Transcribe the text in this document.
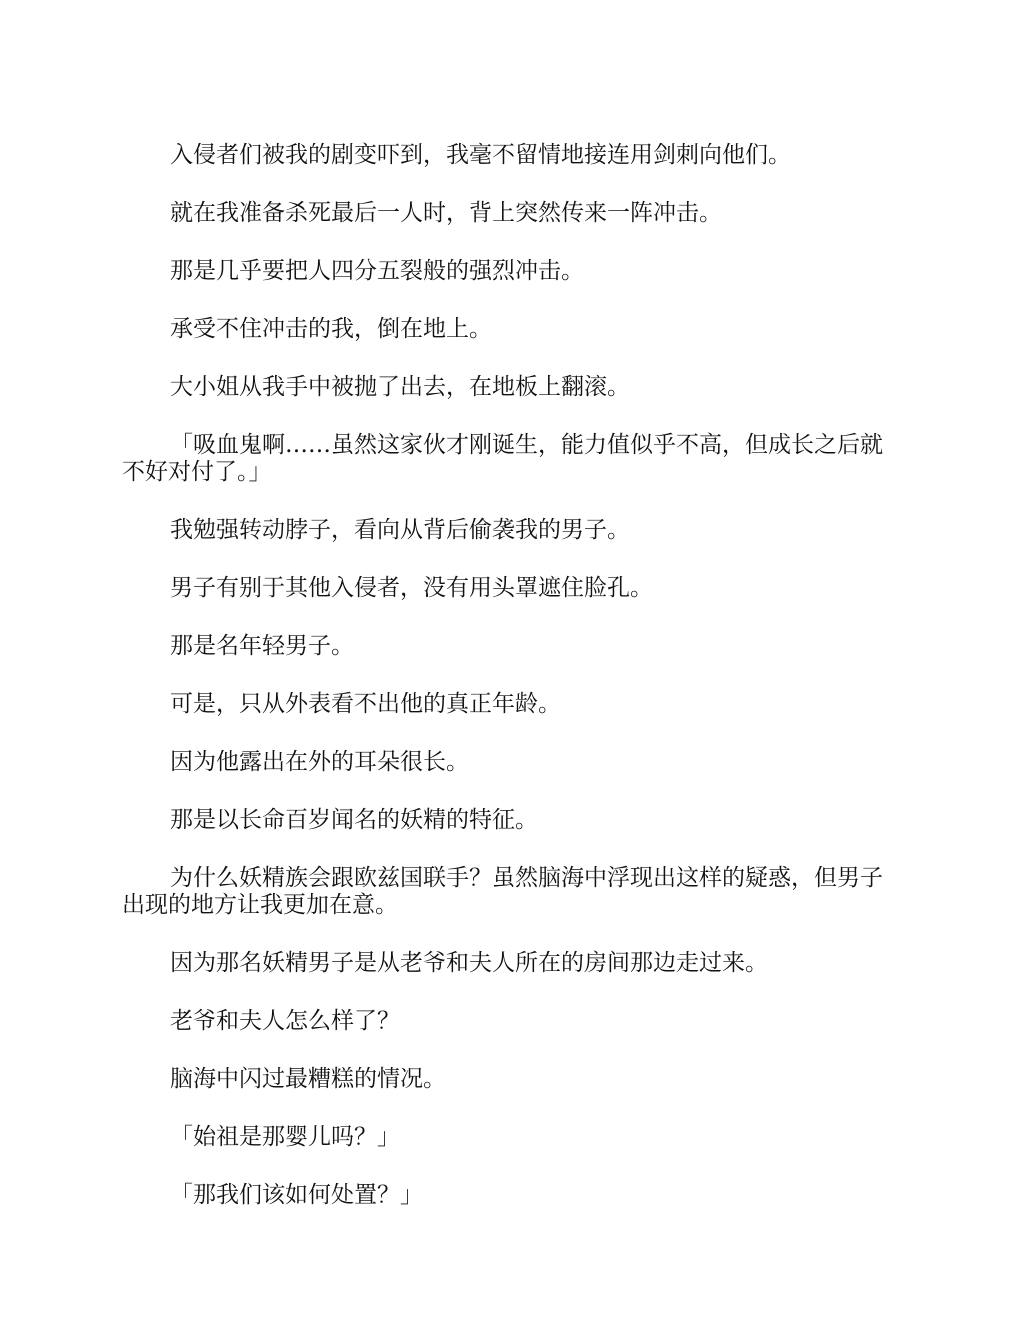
入侵者们被我的剧变吓到，我毫不留情地接连用剑刺向他们。

就在我准备杀死最后一人时，背上突然传来一阵冲击。

那是几乎要把人四分五裂般的强烈冲击。

承受不住冲击的我，倒在地上。

大小姐从我手中被抛了出去，在地板上翻滚。

「吸血鬼啊……虽然这家伙才刚诞生，能力值似乎不高，但成长之后就不好对付了。」

我勉强转动脖子，看向从背后偷袭我的男子。

男子有别于其他入侵者，没有用头罩遮住脸孔。

那是名年轻男子。

可是，只从外表看不出他的真正年龄。

因为他露出在外的耳朵很长。

那是以长命百岁闻名的妖精的特征。

为什么妖精族会跟欧兹国联手？虽然脑海中浮现出这样的疑惑，但男子出现的地方让我更加在意。

因为那名妖精男子是从老爷和夫人所在的房间那边走过来。

老爷和夫人怎么样了？

脑海中闪过最糟糕的情况。

「始祖是那婴儿吗？」

「那我们该如何处置？」
